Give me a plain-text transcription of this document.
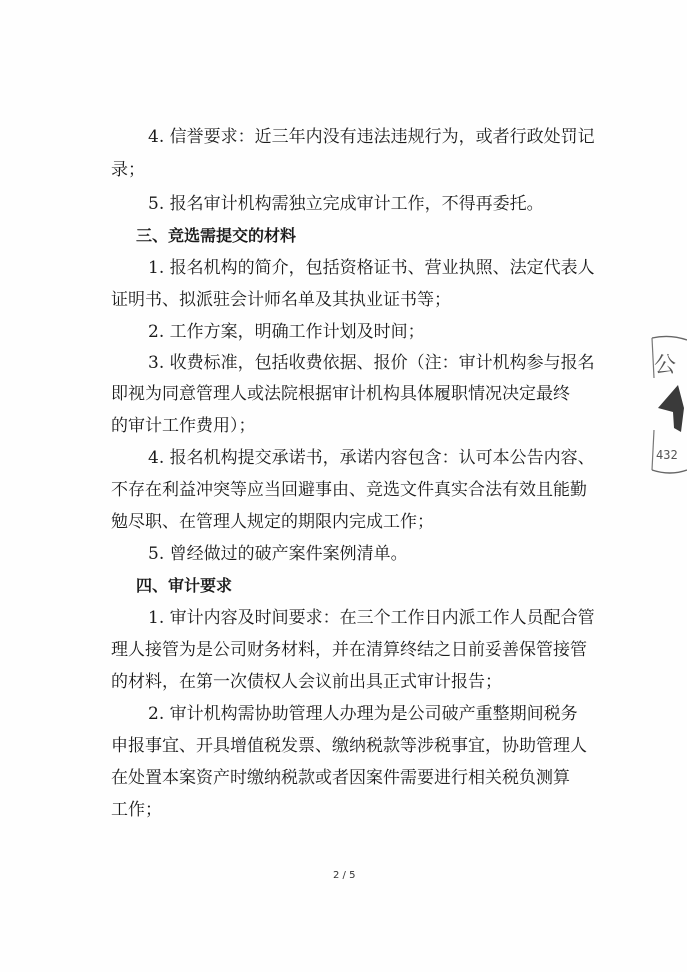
4. 信誉要求：近三年内没有违法违规行为，或者行政处罚记
录；
5. 报名审计机构需独立完成审计工作，不得再委托。
三、竞选需提交的材料
1. 报名机构的简介，包括资格证书、营业执照、法定代表人
证明书、拟派驻会计师名单及其执业证书等；
2. 工作方案，明确工作计划及时间；
3. 收费标准，包括收费依据、报价（注：审计机构参与报名
即视为同意管理人或法院根据审计机构具体履职情况决定最终
的审计工作费用）；
4. 报名机构提交承诺书，承诺内容包含：认可本公告内容、
不存在利益冲突等应当回避事由、竞选文件真实合法有效且能勤
勉尽职、在管理人规定的期限内完成工作；
5. 曾经做过的破产案件案例清单。
四、审计要求
1. 审计内容及时间要求：在三个工作日内派工作人员配合管
理人接管为是公司财务材料，并在清算终结之日前妥善保管接管
的材料，在第一次债权人会议前出具正式审计报告；
2. 审计机构需协助管理人办理为是公司破产重整期间税务
申报事宜、开具增值税发票、缴纳税款等涉税事宜，协助管理人
在处置本案资产时缴纳税款或者因案件需要进行相关税负测算
工作；
2 / 5
公
432
